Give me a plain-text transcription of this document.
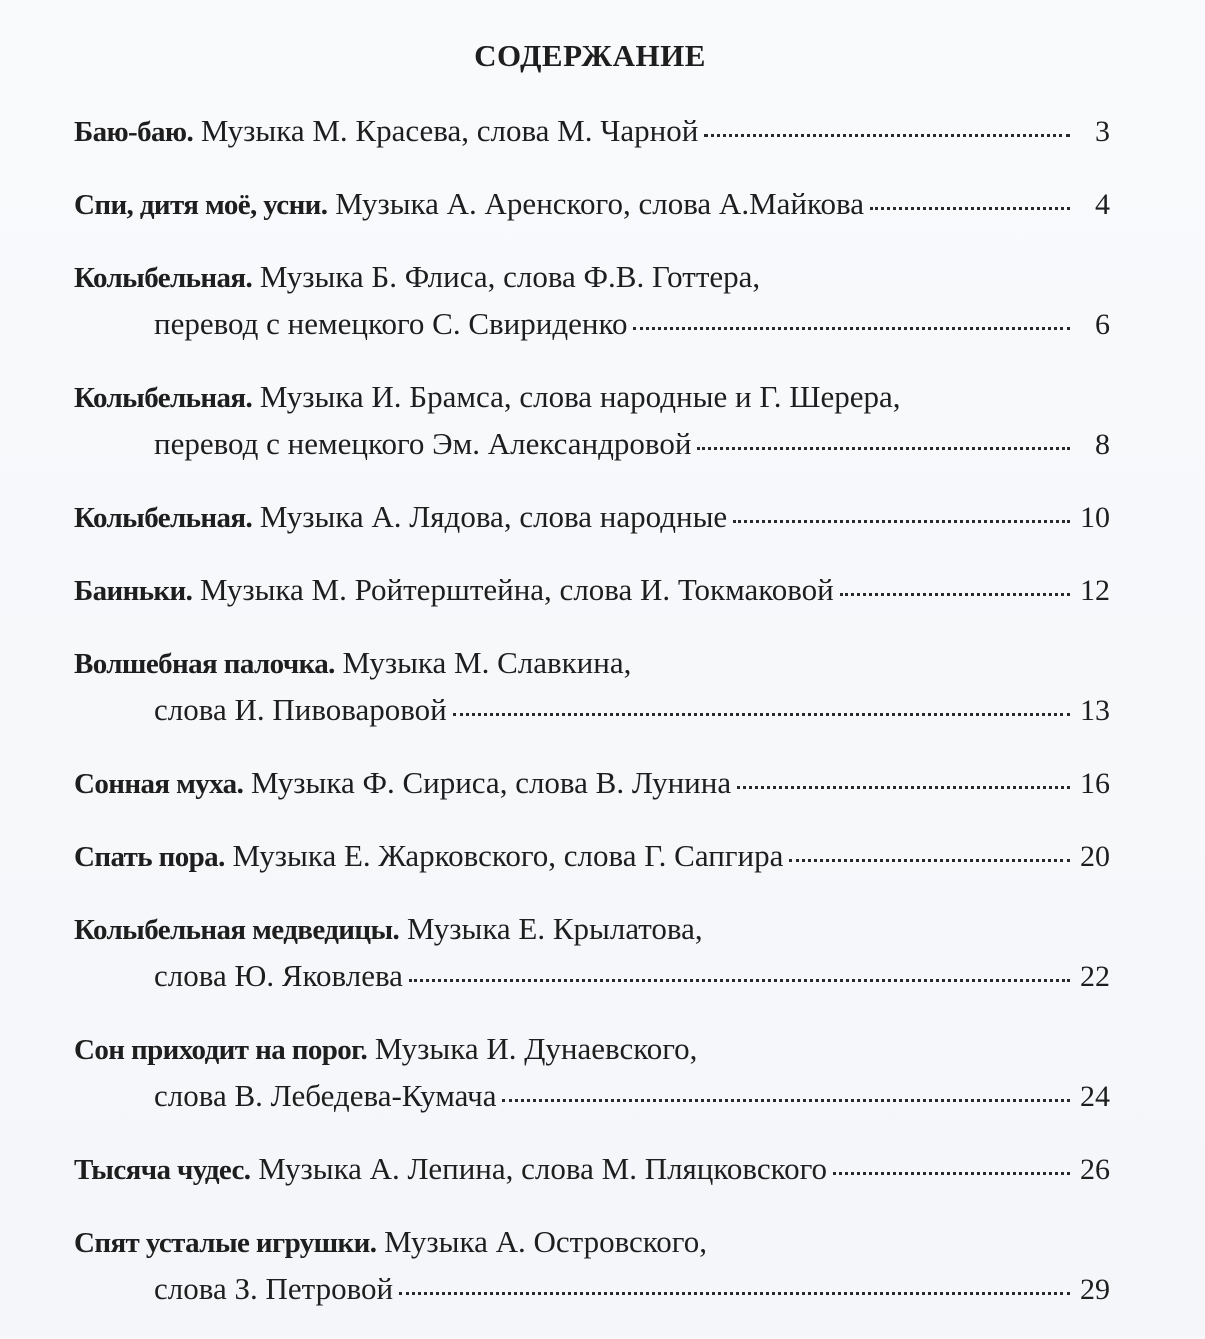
СОДЕРЖАНИЕ
Баю-баю.
Музыка М. Красева, слова М. Чарной	3
Спи, дитя моё, усни.
Музыка А. Аренского, слова А.Майкова	4
Колыбельная.
Музыка Б. Флиса, слова Ф.В. Готтера,
перевод с немецкого С. Свириденко	6
Колыбельная.
Музыка И. Брамса, слова народные и Г. Шерера,
перевод с немецкого Эм. Александровой	8
Колыбельная.
Музыка А. Лядова, слова народные	10
Баиньки.
Музыка М. Ройтерштейна, слова И. Токмаковой	12
Волшебная палочка.
Музыка М. Славкина,
слова И. Пивоваровой	13
Сонная муха.
Музыка Ф. Сириса, слова В. Лунина	16
Спать пора.
Музыка Е. Жарковского, слова Г. Сапгира	20
Колыбельная медведицы.
Музыка Е. Крылатова,
слова Ю. Яковлева	22
Сон приходит на порог.
Музыка И. Дунаевского,
слова В. Лебедева-Кумача	24
Тысяча чудес.
Музыка А. Лепина, слова М. Пляцковского	26
Спят усталые игрушки.
Музыка А. Островского,
слова З. Петровой	29
